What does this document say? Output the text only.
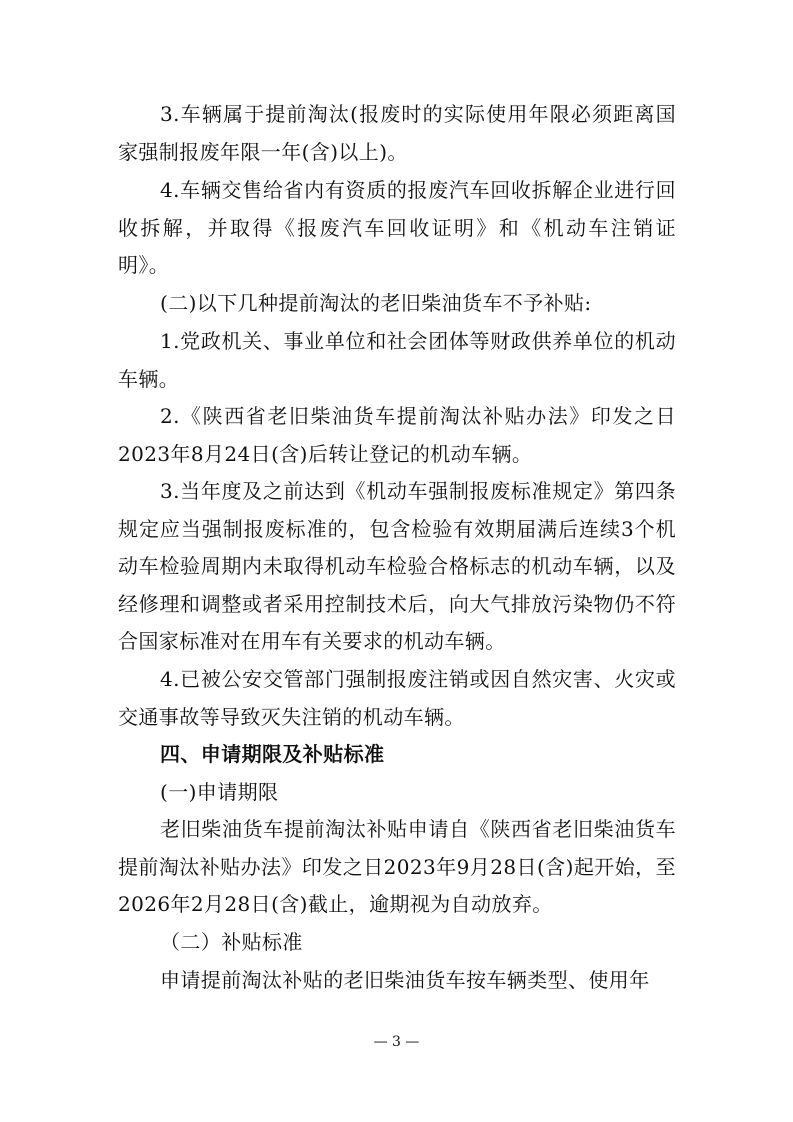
3.车辆属于提前淘汰(报废时的实际使用年限必须距离国家强制报废年限一年(含)以上)。

4.车辆交售给省内有资质的报废汽车回收拆解企业进行回收拆解，并取得《报废汽车回收证明》和《机动车注销证明》。

(二)以下几种提前淘汰的老旧柴油货车不予补贴:

1.党政机关、事业单位和社会团体等财政供养单位的机动车辆。

2.《陕西省老旧柴油货车提前淘汰补贴办法》印发之日2023年8月24日(含)后转让登记的机动车辆。

3.当年度及之前达到《机动车强制报废标准规定》第四条规定应当强制报废标准的，包含检验有效期届满后连续3个机动车检验周期内未取得机动车检验合格标志的机动车辆，以及经修理和调整或者采用控制技术后，向大气排放污染物仍不符合国家标准对在用车有关要求的机动车辆。

4.已被公安交管部门强制报废注销或因自然灾害、火灾或交通事故等导致灭失注销的机动车辆。

四、申请期限及补贴标准

(一)申请期限

老旧柴油货车提前淘汰补贴申请自《陕西省老旧柴油货车提前淘汰补贴办法》印发之日2023年9月28日(含)起开始，至2026年2月28日(含)截止，逾期视为自动放弃。

（二）补贴标准

申请提前淘汰补贴的老旧柴油货车按车辆类型、使用年

— 3 —
